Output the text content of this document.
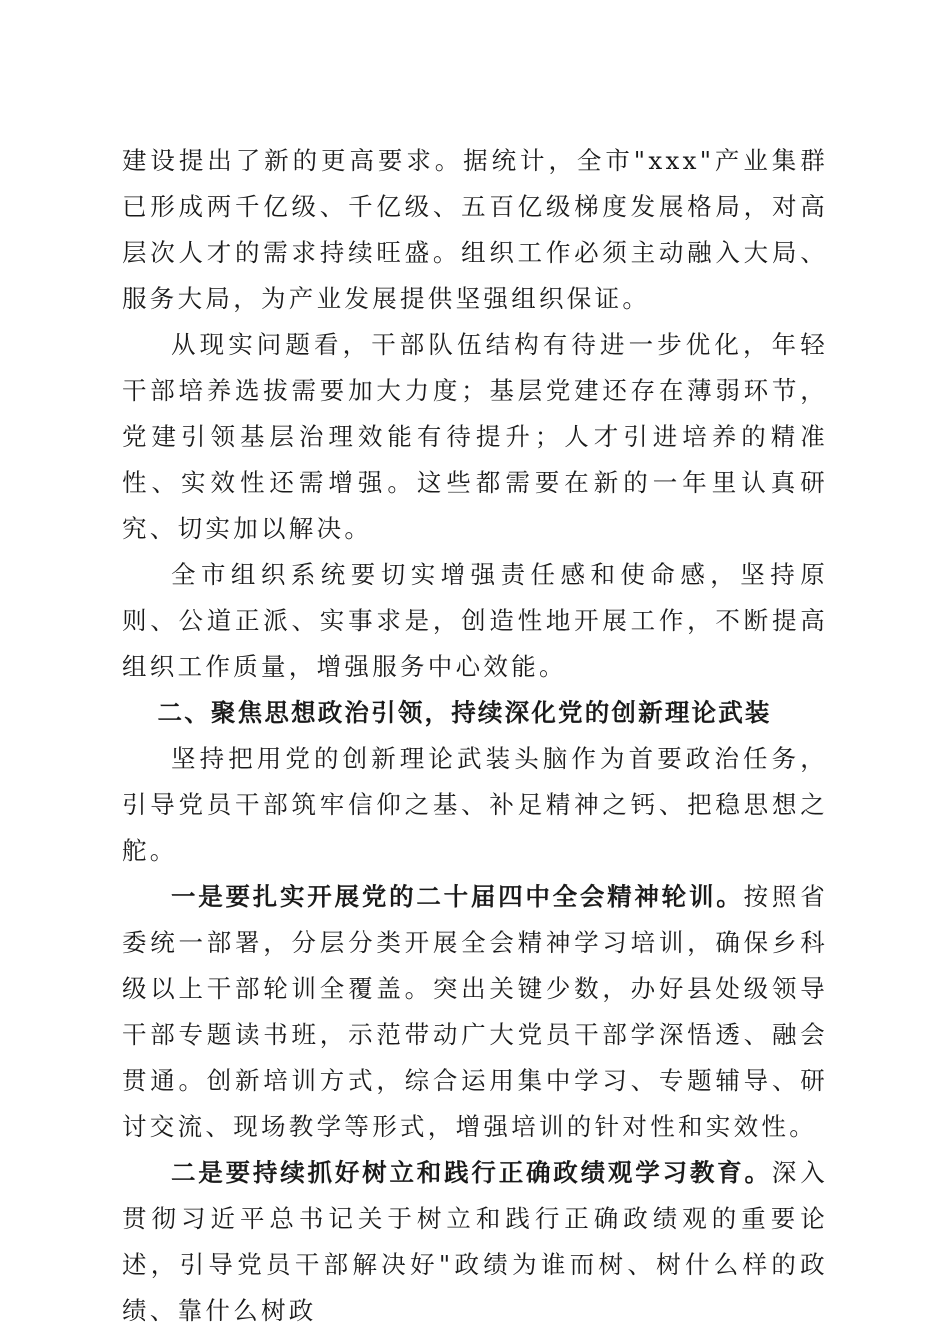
建设提出了新的更高要求。据统计，全市"xxx"产业集群已形成两千亿级、千亿级、五百亿级梯度发展格局，对高层次人才的需求持续旺盛。组织工作必须主动融入大局、服务大局，为产业发展提供坚强组织保证。

从现实问题看，干部队伍结构有待进一步优化，年轻干部培养选拔需要加大力度；基层党建还存在薄弱环节，党建引领基层治理效能有待提升；人才引进培养的精准性、实效性还需增强。这些都需要在新的一年里认真研究、切实加以解决。

全市组织系统要切实增强责任感和使命感，坚持原则、公道正派、实事求是，创造性地开展工作，不断提高组织工作质量，增强服务中心效能。

二、聚焦思想政治引领，持续深化党的创新理论武装

坚持把用党的创新理论武装头脑作为首要政治任务，引导党员干部筑牢信仰之基、补足精神之钙、把稳思想之舵。

一是要扎实开展党的二十届四中全会精神轮训。按照省委统一部署，分层分类开展全会精神学习培训，确保乡科级以上干部轮训全覆盖。突出关键少数，办好县处级领导干部专题读书班，示范带动广大党员干部学深悟透、融会贯通。创新培训方式，综合运用集中学习、专题辅导、研讨交流、现场教学等形式，增强培训的针对性和实效性。

二是要持续抓好树立和践行正确政绩观学习教育。深入贯彻习近平总书记关于树立和践行正确政绩观的重要论述，引导党员干部解决好"政绩为谁而树、树什么样的政绩、靠什么树政
